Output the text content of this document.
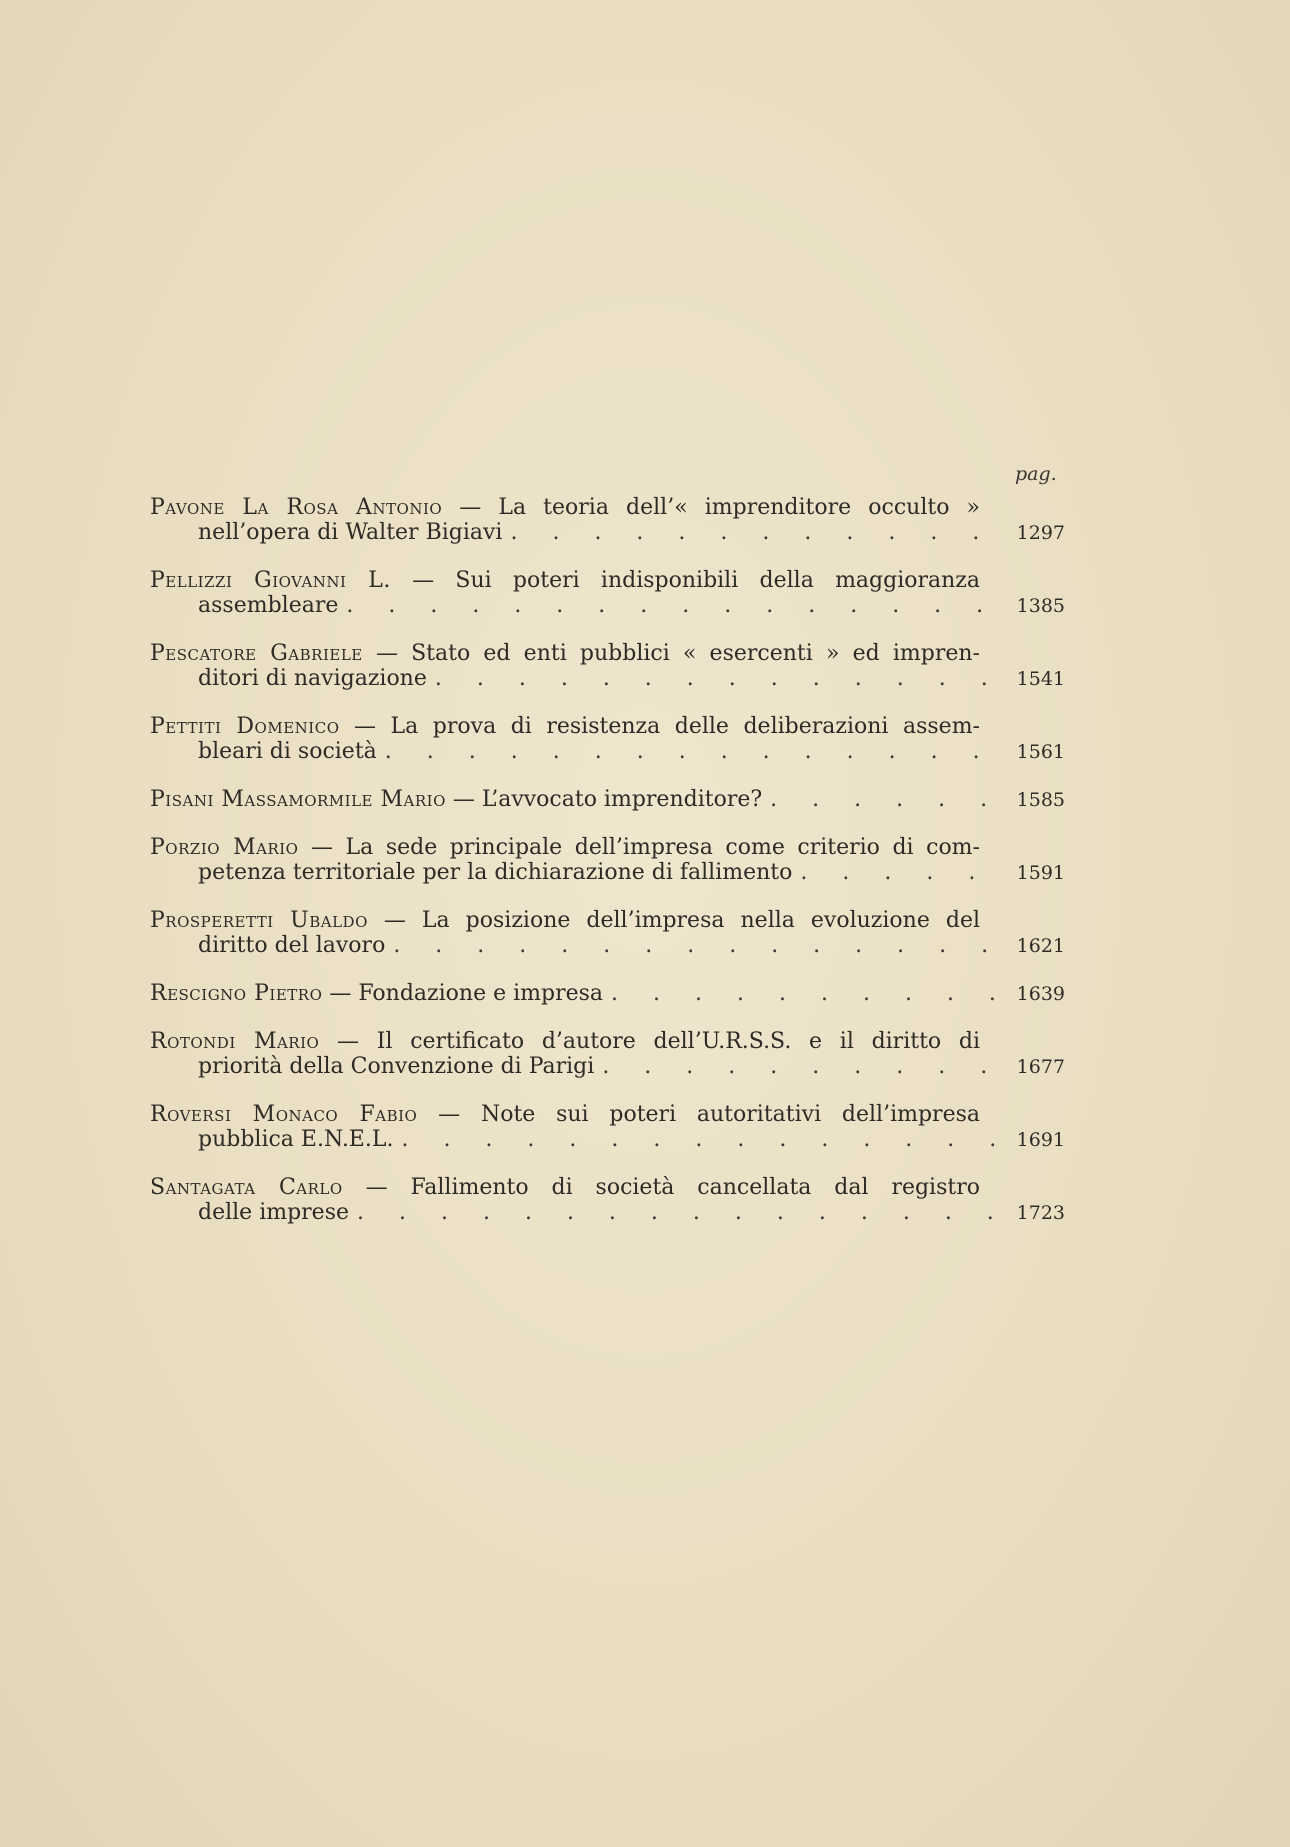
pag.
Pavone La Rosa Antonio — La teoria dell’« imprenditore occulto »
nell’opera di Walter Bigiavi . . .	1297
Pellizzi Giovanni L. — Sui poteri indisponibili della maggioranza
assembleare . . .	1385
Pescatore Gabriele — Stato ed enti pubblici « esercenti » ed impren-
ditori di navigazione . . .	1541
Pettiti Domenico — La prova di resistenza delle deliberazioni assem-
bleari di società . . .	1561
Pisani Massamormile Mario — L’avvocato imprenditore? . . .	1585
Porzio Mario — La sede principale dell’impresa come criterio di com-
petenza territoriale per la dichiarazione di fallimento . . .	1591
Prosperetti Ubaldo — La posizione dell’impresa nella evoluzione del
diritto del lavoro . . .	1621
Rescigno Pietro — Fondazione e impresa . . .	1639
Rotondi Mario — Il certificato d’autore dell’U.R.S.S. e il diritto di
priorità della Convenzione di Parigi . . .	1677
Roversi Monaco Fabio — Note sui poteri autoritativi dell’impresa
pubblica E.N.E.L. . . .	1691
Santagata Carlo — Fallimento di società cancellata dal registro
delle imprese . . .	1723
